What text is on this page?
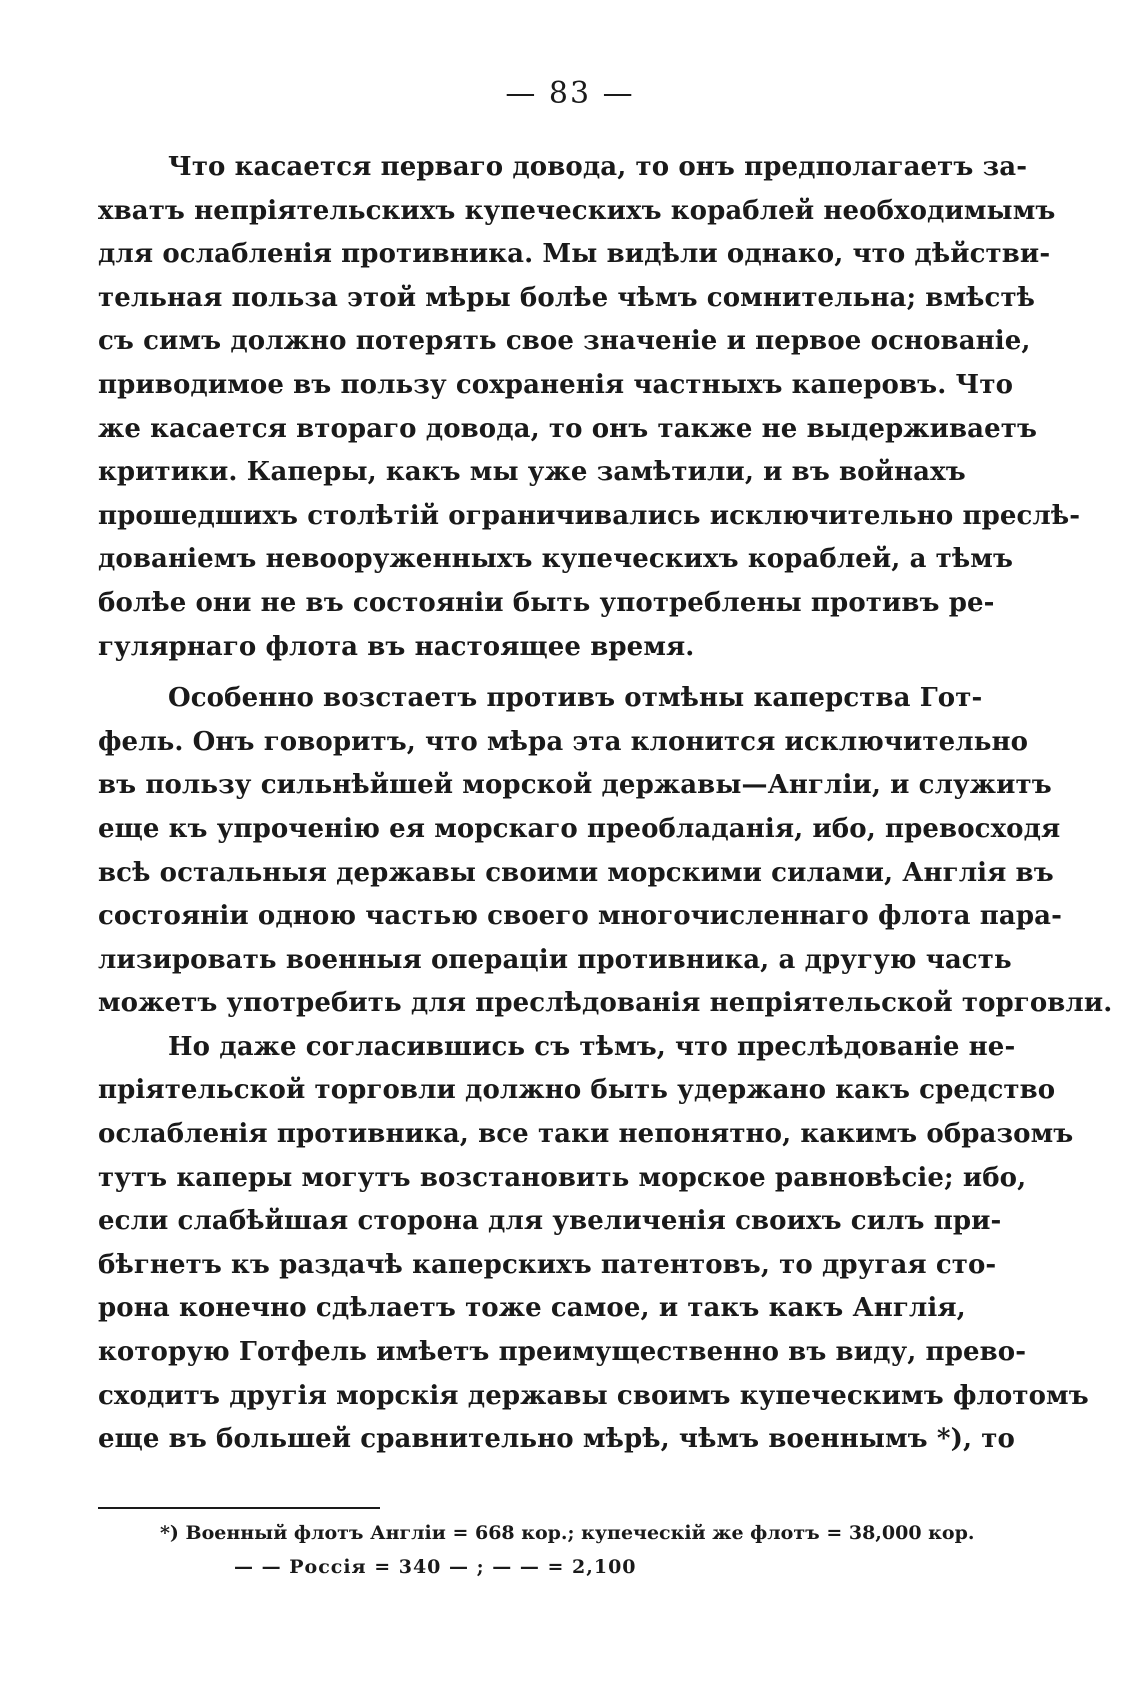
— 83 —
Что касается перваго довода, то онъ предполагаетъ за-
хватъ непріятельскихъ купеческихъ кораблей необходимымъ
для ослабленія противника. Мы видѣли однако, что дѣйстви-
тельная польза этой мѣры болѣе чѣмъ сомнительна; вмѣстѣ
съ симъ должно потерять свое значеніе и первое основаніе,
приводимое въ пользу сохраненія частныхъ каперовъ. Что
же касается втораго довода, то онъ также не выдерживаетъ
критики. Каперы, какъ мы уже замѣтили, и въ войнахъ
прошедшихъ столѣтій ограничивались исключительно преслѣ-
дованіемъ невооруженныхъ купеческихъ кораблей, а тѣмъ
болѣе они не въ состояніи быть употреблены противъ ре-
гулярнаго флота въ настоящее время.
Особенно возстаетъ противъ отмѣны каперства Гот-
фель. Онъ говоритъ, что мѣра эта клонится исключительно
въ пользу сильнѣйшей морской державы—Англіи, и служитъ
еще къ упроченію ея морскаго преобладанія, ибо, превосходя
всѣ остальныя державы своими морскими силами, Англія въ
состояніи одною частью своего многочисленнаго флота пара-
лизировать военныя операціи противника, а другую часть
можетъ употребить для преслѣдованія непріятельской торговли.
Но даже согласившись съ тѣмъ, что преслѣдованіе не-
пріятельской торговли должно быть удержано какъ средство
ослабленія противника, все таки непонятно, какимъ образомъ
тутъ каперы могутъ возстановить морское равновѣсіе; ибо,
если слабѣйшая сторона для увеличенія своихъ силъ при-
бѣгнетъ къ раздачѣ каперскихъ патентовъ, то другая сто-
рона конечно сдѣлаетъ тоже самое, и такъ какъ Англія,
которую Готфель имѣетъ преимущественно въ виду, прево-
сходитъ другія морскія державы своимъ купеческимъ флотомъ
еще въ большей сравнительно мѣрѣ, чѣмъ военнымъ *), то
*) Военный флотъ Англіи = 668 кор.; купеческій же флотъ = 38,000 кор.
— — Россія = 340 — ; — — = 2,100
